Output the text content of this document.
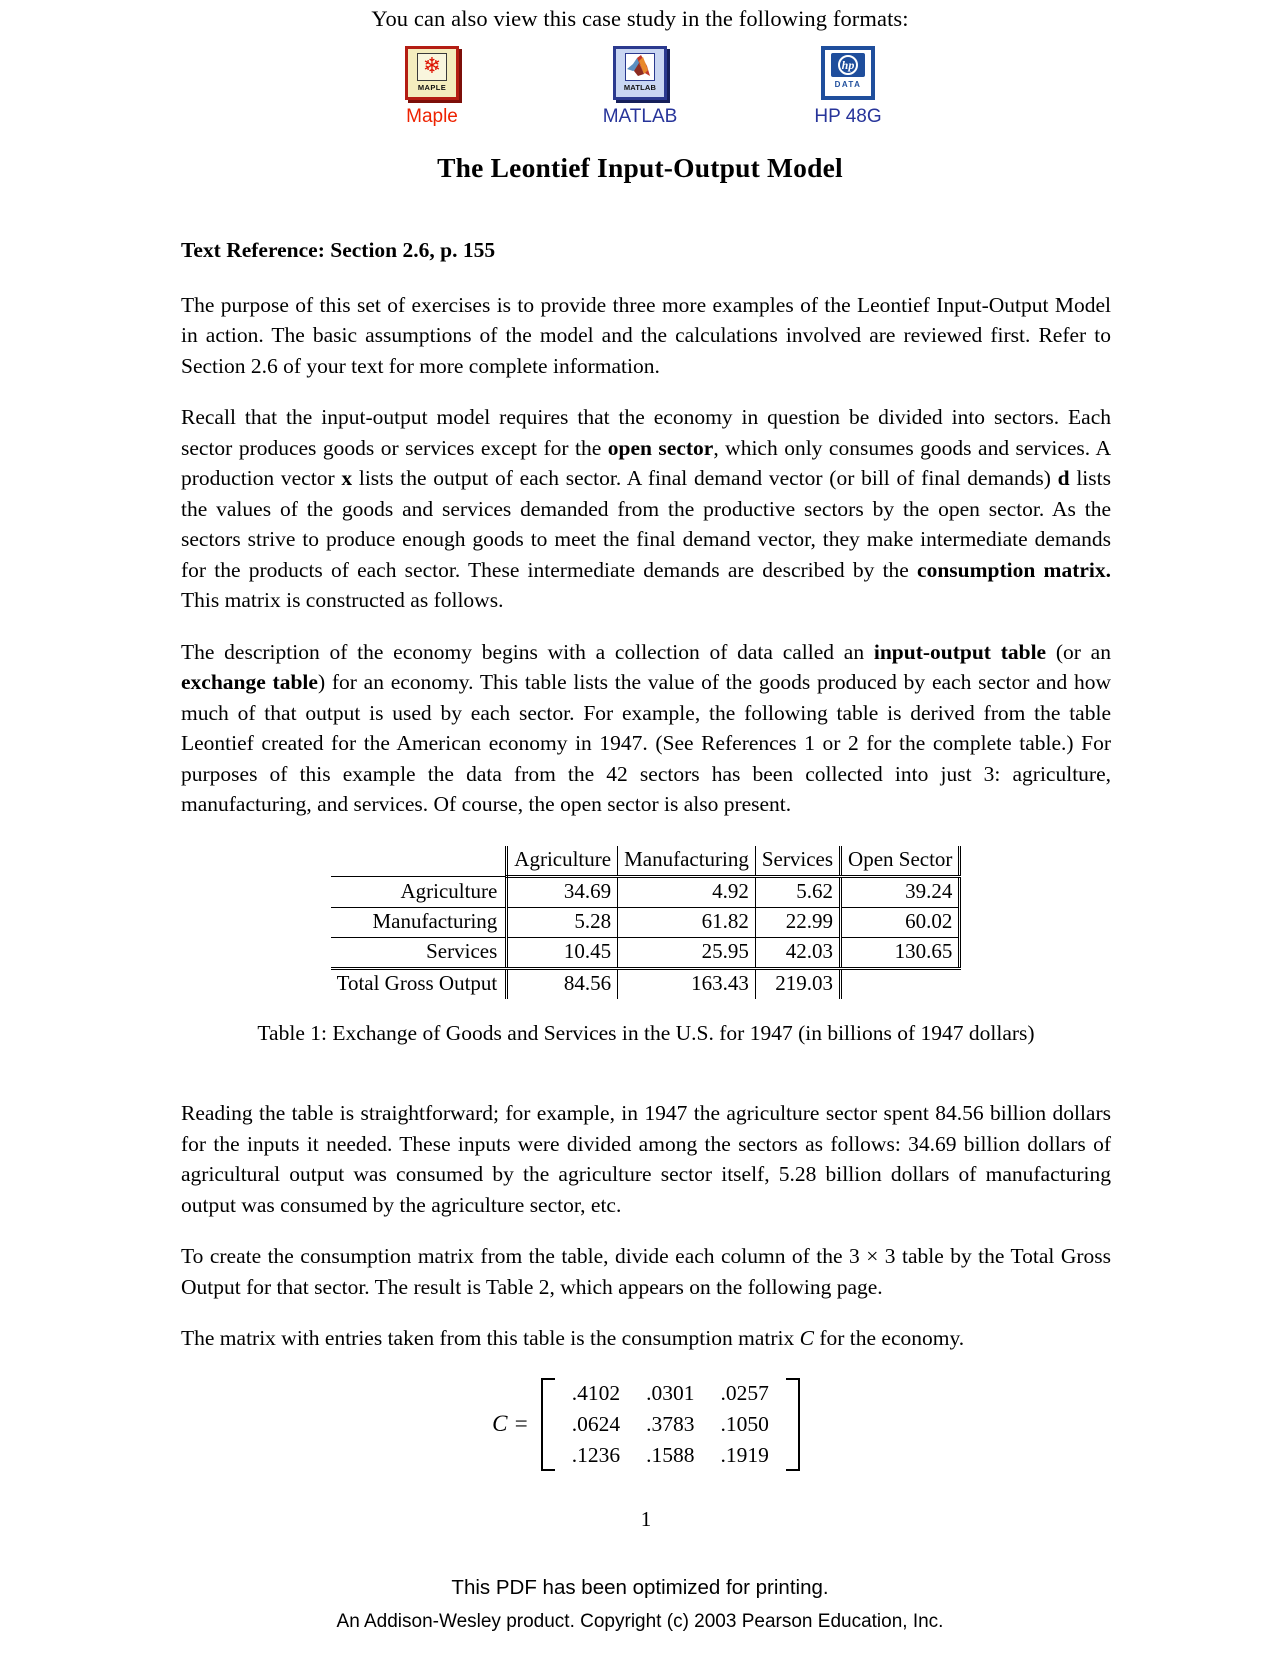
You can also view this case study in the following formats:
❄
MAPLE
Maple
MATLAB
MATLAB
hp
DATA
HP 48G
The Leontief Input-Output Model
Text Reference: Section 2.6, p. 155

The purpose of this set of exercises is to provide three more examples of the Leontief Input-Output Model in action. The basic assumptions of the model and the calculations involved are reviewed first. Refer to Section 2.6 of your text for more complete information.

Recall that the input-output model requires that the economy in question be divided into sectors. Each sector produces goods or services except for the open sector, which only consumes goods and services. A production vector x lists the output of each sector. A final demand vector (or bill of final demands) d lists the values of the goods and services demanded from the productive sectors by the open sector. As the sectors strive to produce enough goods to meet the final demand vector, they make intermediate demands for the products of each sector. These intermediate demands are described by the consumption matrix. This matrix is constructed as follows.

The description of the economy begins with a collection of data called an input-output table (or an exchange table) for an economy. This table lists the value of the goods produced by each sector and how much of that output is used by each sector. For example, the following table is derived from the table Leontief created for the American economy in 1947. (See References 1 or 2 for the complete table.) For purposes of this example the data from the 42 sectors has been collected into just 3: agriculture, manufacturing, and services. Of course, the open sector is also present.

	Agriculture	Manufacturing	Services	Open Sector	
Agriculture	34.69	4.92	5.62	39.24	
Manufacturing	5.28	61.82	22.99	60.02	
Services	10.45	25.95	42.03	130.65	
Total Gross Output	84.56	163.43	219.03		
Table 1: Exchange of Goods and Services in the U.S. for 1947 (in billions of 1947 dollars)

Reading the table is straightforward; for example, in 1947 the agriculture sector spent 84.56 billion dollars for the inputs it needed. These inputs were divided among the sectors as follows: 34.69 billion dollars of agricultural output was consumed by the agriculture sector itself, 5.28 billion dollars of manufacturing output was consumed by the agriculture sector, etc.

To create the consumption matrix from the table, divide each column of the 3 × 3 table by the Total Gross Output for that sector. The result is Table 2, which appears on the following page.

The matrix with entries taken from this table is the consumption matrix C for the economy.

C =
.4102	.0301	.0257
.0624	.3783	.1050
.1236	.1588	.1919
1
This PDF has been optimized for printing.
An Addison-Wesley product. Copyright (c) 2003 Pearson Education, Inc.
